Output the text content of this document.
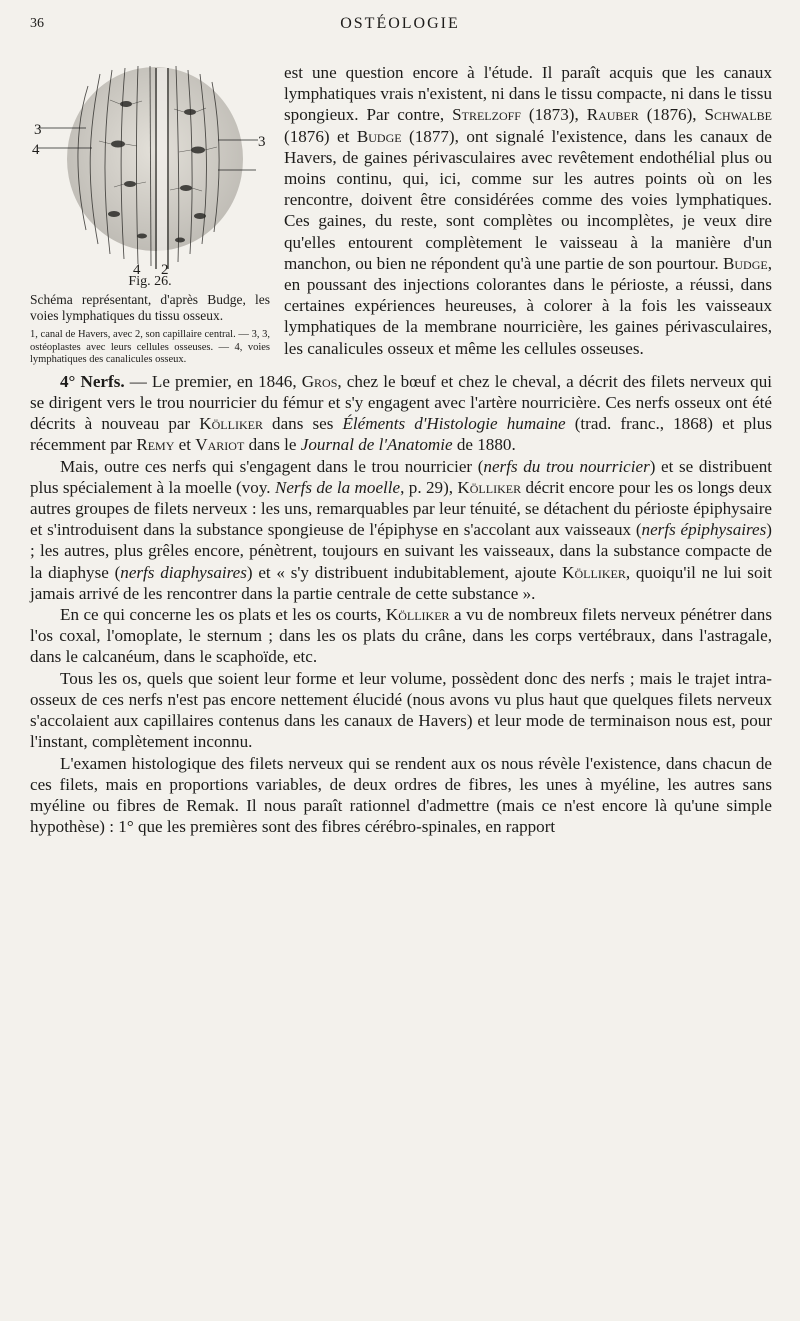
36	OSTÉOLOGIE
3
3
4
4 2
Fig. 26.
Schéma représentant, d'après Budge, les voies lymphatiques du tissu osseux.
1, canal de Havers, avec 2, son capillaire central. — 3, 3, ostéoplastes avec leurs cellules osseuses. — 4, voies lymphatiques des canalicules osseux.

est une question encore à l'étude. Il paraît acquis que les canaux lymphatiques vrais n'existent, ni dans le tissu compacte, ni dans le tissu spongieux. Par contre, Strelzoff (1873), Rauber (1876), Schwalbe (1876) et Budge (1877), ont signalé l'existence, dans les canaux de Havers, de gaines périvasculaires avec revêtement endothélial plus ou moins continu, qui, ici, comme sur les autres points où on les rencontre, doivent être considérées comme des voies lymphatiques. Ces gaines, du reste, sont complètes ou incomplètes, je veux dire qu'elles entourent complètement le vaisseau à la manière d'un manchon, ou bien ne répondent qu'à une partie de son pourtour. Budge, en poussant des injections colorantes dans le périoste, a réussi, dans certaines expériences heureuses, à colorer à la fois les vaisseaux lymphatiques de la membrane nourricière, les gaines périvasculaires, les canalicules osseux et même les cellules osseuses.

4° Nerfs. — Le premier, en 1846, Gros, chez le bœuf et chez le cheval, a décrit des filets nerveux qui se dirigent vers le trou nourricier du fémur et s'y engagent avec l'artère nourricière. Ces nerfs osseux ont été décrits à nouveau par Kölliker dans ses Éléments d'Histologie humaine (trad. franc., 1868) et plus récemment par Remy et Variot dans le Journal de l'Anatomie de 1880.

Mais, outre ces nerfs qui s'engagent dans le trou nourricier (nerfs du trou nourricier) et se distribuent plus spécialement à la moelle (voy. Nerfs de la moelle, p. 29), Kölliker décrit encore pour les os longs deux autres groupes de filets nerveux : les uns, remarquables par leur ténuité, se détachent du périoste épiphysaire et s'introduisent dans la substance spongieuse de l'épiphyse en s'accolant aux vaisseaux (nerfs épiphysaires) ; les autres, plus grêles encore, pénètrent, toujours en suivant les vaisseaux, dans la substance compacte de la diaphyse (nerfs diaphysaires) et « s'y distribuent indubitablement, ajoute Kölliker, quoiqu'il ne lui soit jamais arrivé de les rencontrer dans la partie centrale de cette substance ».

En ce qui concerne les os plats et les os courts, Kölliker a vu de nombreux filets nerveux pénétrer dans l'os coxal, l'omoplate, le sternum ; dans les os plats du crâne, dans les corps vertébraux, dans l'astragale, dans le calcanéum, dans le scaphoïde, etc.

Tous les os, quels que soient leur forme et leur volume, possèdent donc des nerfs ; mais le trajet intra-osseux de ces nerfs n'est pas encore nettement élucidé (nous avons vu plus haut que quelques filets nerveux s'accolaient aux capillaires contenus dans les canaux de Havers) et leur mode de terminaison nous est, pour l'instant, complètement inconnu.

L'examen histologique des filets nerveux qui se rendent aux os nous révèle l'existence, dans chacun de ces filets, mais en proportions variables, de deux ordres de fibres, les unes à myéline, les autres sans myéline ou fibres de Remak. Il nous paraît rationnel d'admettre (mais ce n'est encore là qu'une simple hypothèse) : 1° que les premières sont des fibres cérébro-spinales, en rapport
